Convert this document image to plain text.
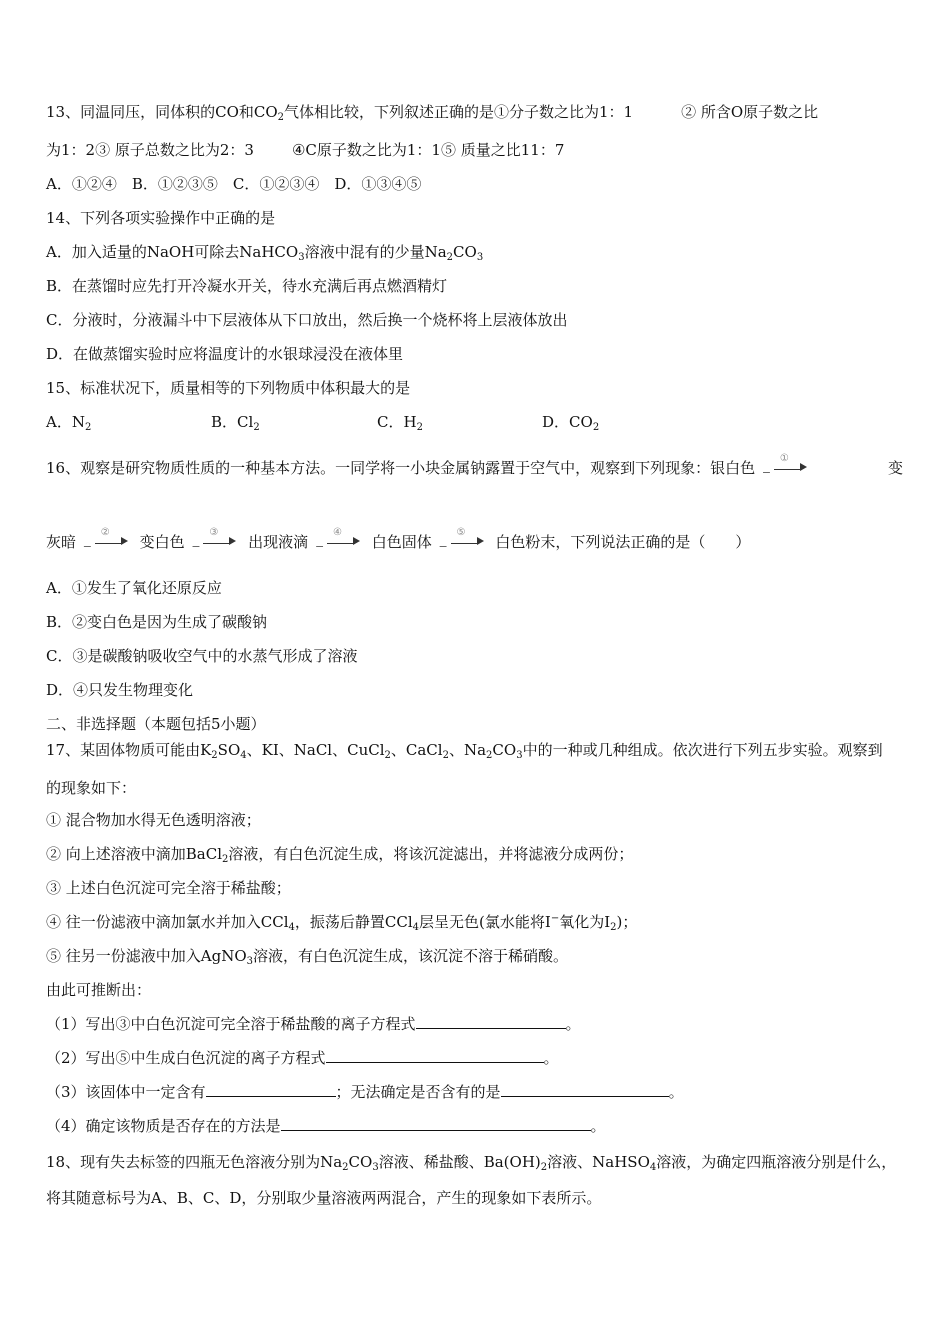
13、同温同压，同体积的CO和$CO_2$气体相比较，下列叙述正确的是①分子数之比为1：1	② 所含O原子数之比
为1：2③ 原子总数之比为2：3	④C原子数之比为1：1⑤ 质量之比11：7
A．①②④　B．①②③⑤　C．①②③④　D．①③④⑤
14、下列各项实验操作中正确的是
A．加入适量的NaOH可除去NaHCO$_3$溶液中混有的少量$Na_2CO_3$
B．在蒸馏时应先打开冷凝水开关，待水充满后再点燃酒精灯
C．分液时，分液漏斗中下层液体从下口放出，然后换一个烧杯将上层液体放出
D．在做蒸馏实验时应将温度计的水银球浸没在液体里
15、标准状况下，质量相等的下列物质中体积最大的是
A．$N_2$	B．$Cl_2$	C．$H_2$	D．$CO_2$
16、观察是研究物质性质的一种基本方法。一同学将一小块金属钠露置于空气中，观察到下列现象：银白色
①
−	变
灰暗
②
−	变白色
③
−	出现液滴
④
−	白色固体
⑤
−	白色粉末，下列说法正确的是（　　）
A．①发生了氧化还原反应
B．②变白色是因为生成了碳酸钠
C．③是碳酸钠吸收空气中的水蒸气形成了溶液
D．④只发生物理变化
二、非选择题（本题包括5小题）
17、某固体物质可能由$K_2SO_4$、KI、NaCl、CuCl$_2$、CaCl$_2$、$Na_2CO_3$中的一种或几种组成。依次进行下列五步实验。观察到
的现象如下：
① 混合物加水得无色透明溶液；
② 向上述溶液中滴加BaCl$_2$溶液，有白色沉淀生成，将该沉淀滤出，并将滤液分成两份；
③ 上述白色沉淀可完全溶于稀盐酸；
④ 往一份滤液中滴加氯水并加入CCl$_4$，振荡后静置CCl$_4$层呈无色(氯水能将I−氧化为$I_2$)；
⑤ 往另一份滤液中加入AgNO$_3$溶液，有白色沉淀生成，该沉淀不溶于稀硝酸。
由此可推断出：
（1）写出③中白色沉淀可完全溶于稀盐酸的离子方程式	。
（2）写出⑤中生成白色沉淀的离子方程式	。
（3）该固体中一定含有	；无法确定是否含有的是	。
（4）确定该物质是否存在的方法是	。
18、现有失去标签的四瓶无色溶液分别为$Na_2CO_3$溶液、稀盐酸、$Ba(OH)_2$溶液、NaHSO$_4$溶液，为确定四瓶溶液分别是什么，
将其随意标号为A、B、C、D，分别取少量溶液两两混合，产生的现象如下表所示。
